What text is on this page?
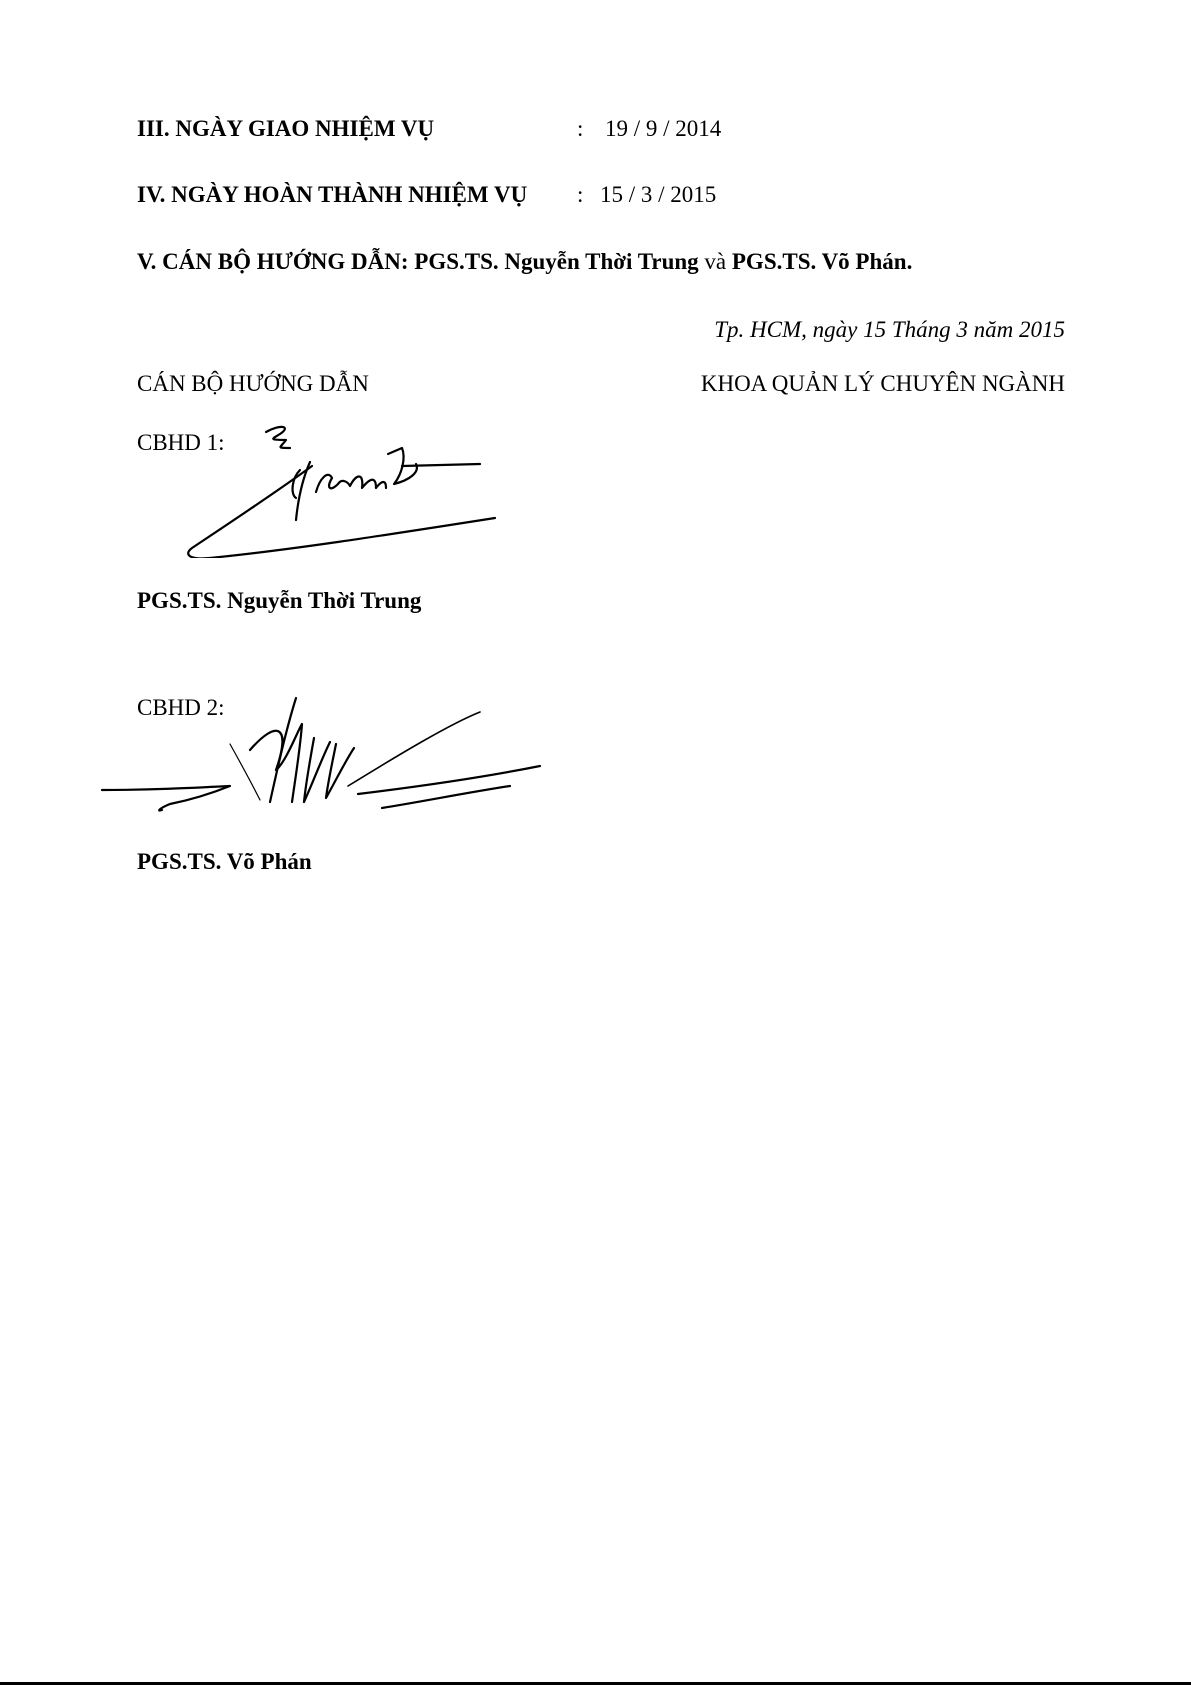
III. NGÀY GIAO NHIỆM VỤ	: 19 / 9 / 2014
IV. NGÀY HOÀN THÀNH NHIỆM VỤ : 15 / 3 / 2015
V. CÁN BỘ HƯỚNG DẪN: PGS.TS. Nguyễn Thời Trung và PGS.TS. Võ Phán.
Tp. HCM, ngày 15 Tháng 3 năm 2015
CÁN BỘ HƯỚNG DẪN	KHOA QUẢN LÝ CHUYÊN NGÀNH
CBHD 1:
PGS.TS. Nguyễn Thời Trung
CBHD 2:
PGS.TS. Võ Phán
